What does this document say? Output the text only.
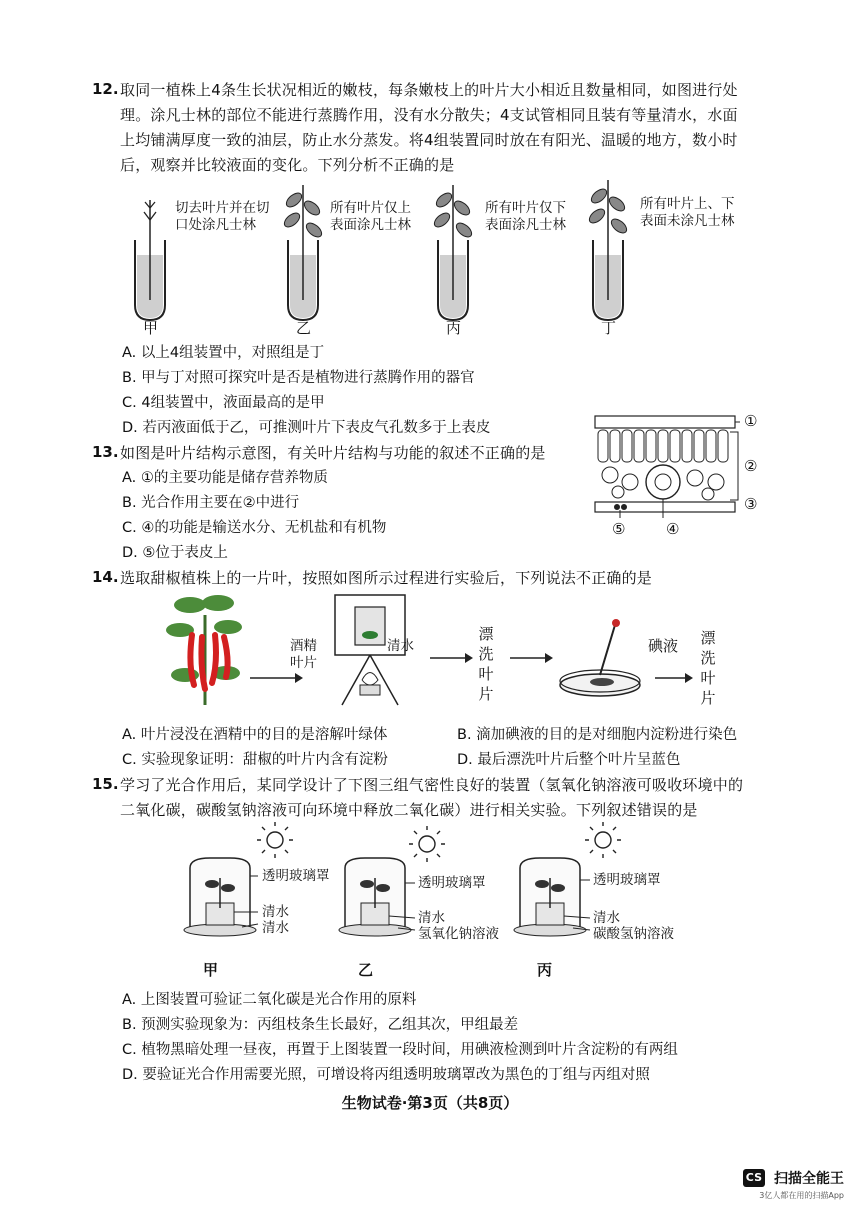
12. 取同一植株上4条生长状况相近的嫩枝，每条嫩枝上的叶片大小相近且数量相同，如图进行处
理。涂凡士林的部位不能进行蒸腾作用，没有水分散失；4支试管相同且装有等量清水，水面
上均铺满厚度一致的油层，防止水分蒸发。将4组装置同时放在有阳光、温暖的地方，数小时
后，观察并比较液面的变化。下列分析不正确的是
切去叶片并在切
口处涂凡士林
所有叶片仅上
表面涂凡士林
所有叶片仅下
表面涂凡士林
所有叶片上、下
表面未涂凡士林
甲	乙	丙	丁
A. 以上4组装置中，对照组是丁
B. 甲与丁对照可探究叶是否是植物进行蒸腾作用的器官
C. 4组装置中，液面最高的是甲
D. 若丙液面低于乙，可推测叶片下表皮气孔数多于上表皮
13. 如图是叶片结构示意图，有关叶片结构与功能的叙述不正确的是
A. ①的主要功能是储存营养物质
B. 光合作用主要在②中进行
C. ④的功能是输送水分、无机盐和有机物
D. ⑤位于表皮上
①
②
③
④
⑤
14. 选取甜椒植株上的一片叶，按照如图所示过程进行实验后，下列说法不正确的是
酒精
叶片
清水
漂
洗
叶
片
碘液 漂
洗
叶
片
A. 叶片浸没在酒精中的目的是溶解叶绿体	B. 滴加碘液的目的是对细胞内淀粉进行染色
C. 实验现象证明：甜椒的叶片内含有淀粉	D. 最后漂洗叶片后整个叶片呈蓝色
15. 学习了光合作用后，某同学设计了下图三组气密性良好的装置（氢氧化钠溶液可吸收环境中的
二氧化碳，碳酸氢钠溶液可向环境中释放二氧化碳）进行相关实验。下列叙述错误的是
透明玻璃罩
清水
清水
透明玻璃罩
清水
氢氧化钠溶液
透明玻璃罩
清水
碳酸氢钠溶液
甲	乙	丙
A. 上图装置可验证二氧化碳是光合作用的原料
B. 预测实验现象为：丙组枝条生长最好，乙组其次，甲组最差
C. 植物黑暗处理一昼夜，再置于上图装置一段时间，用碘液检测到叶片含淀粉的有两组
D. 要验证光合作用需要光照，可增设将丙组透明玻璃罩改为黑色的丁组与丙组对照
生物试卷·第3页（共8页）
CS 扫描全能王
3亿人都在用的扫描App
